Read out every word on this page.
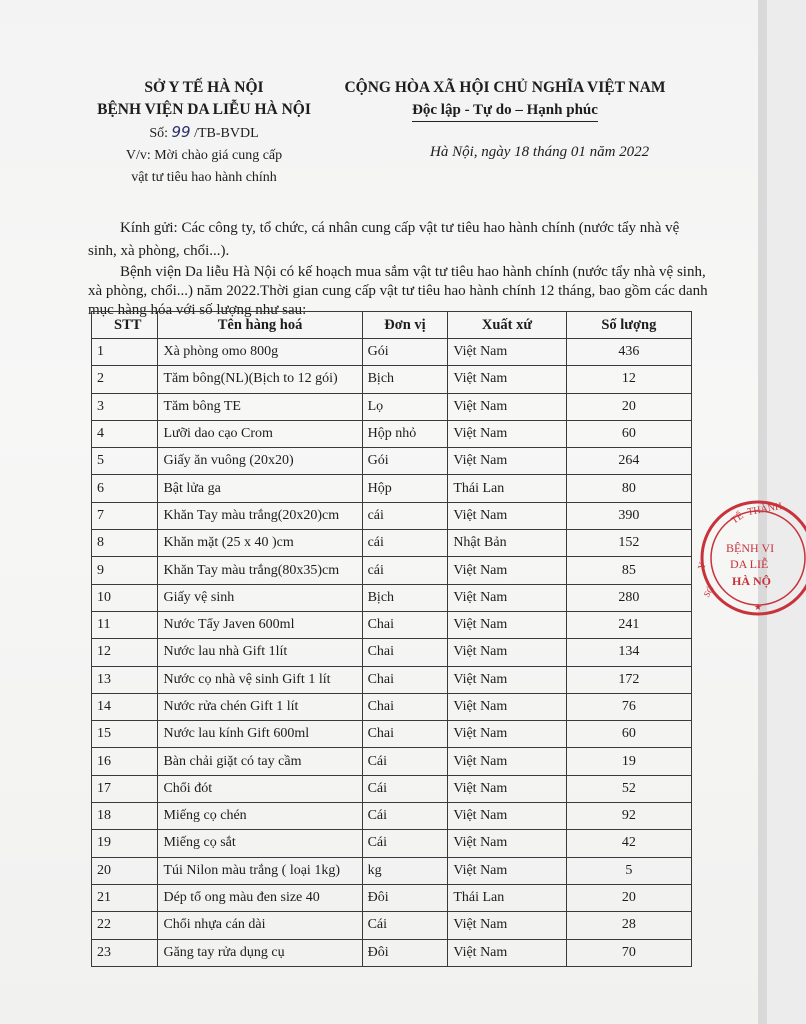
SỞ Y TẾ HÀ NỘI
BỆNH VIỆN DA LIỄU HÀ NỘI
Số: 99 /TB-BVDL
V/v: Mời chào giá cung cấp
vật tư tiêu hao hành chính
CỘNG HÒA XÃ HỘI CHỦ NGHĨA VIỆT NAM
Độc lập - Tự do – Hạnh phúc
Hà Nội, ngày 18 tháng 01 năm 2022
Kính gửi: Các công ty, tổ chức, cá nhân cung cấp vật tư tiêu hao hành chính (nước tẩy nhà vệ sinh, xà phòng, chổi...).
Bệnh viện Da liễu Hà Nội có kế hoạch mua sắm vật tư tiêu hao hành chính (nước tẩy nhà vệ sinh, xà phòng, chổi...) năm 2022.Thời gian cung cấp vật tư tiêu hao hành chính 12 tháng, bao gồm các danh mục hàng hóa với số lượng như sau:
STT	Tên hàng hoá	Đơn vị	Xuất xứ	Số lượng
1	Xà phòng omo 800g	Gói	Việt Nam	436
2	Tăm bông(NL)(Bịch to 12 gói)	Bịch	Việt Nam	12
3	Tăm bông TE	Lọ	Việt Nam	20
4	Lưỡi dao cạo Crom	Hộp nhỏ	Việt Nam	60
5	Giấy ăn vuông (20x20)	Gói	Việt Nam	264
6	Bật lửa ga	Hộp	Thái Lan	80
7	Khăn Tay màu trắng(20x20)cm	cái	Việt Nam	390
8	Khăn mặt (25 x 40 )cm	cái	Nhật Bản	152
9	Khăn Tay màu trắng(80x35)cm	cái	Việt Nam	85
10	Giấy vệ sinh	Bịch	Việt Nam	280
11	Nước Tẩy Javen 600ml	Chai	Việt Nam	241
12	Nước lau nhà Gift 1lít	Chai	Việt Nam	134
13	Nước cọ nhà vệ sinh Gift 1 lít	Chai	Việt Nam	172
14	Nước rửa chén Gift 1 lít	Chai	Việt Nam	76
15	Nước lau kính Gift 600ml	Chai	Việt Nam	60
16	Bàn chải giặt có tay cầm	Cái	Việt Nam	19
17	Chổi đót	Cái	Việt Nam	52
18	Miếng cọ chén	Cái	Việt Nam	92
19	Miếng cọ sắt	Cái	Việt Nam	42
20	Túi Nilon màu trắng ( loại 1kg)	kg	Việt Nam	5
21	Dép tổ ong màu đen size 40	Đôi	Thái Lan	20
22	Chổi nhựa cán dài	Cái	Việt Nam	28
23	Găng tay rửa dụng cụ	Đôi	Việt Nam	70
TẾ
THÀNH
Y
SỞ
BỆNH VI
DA LIỄ
HÀ NỘ
★
